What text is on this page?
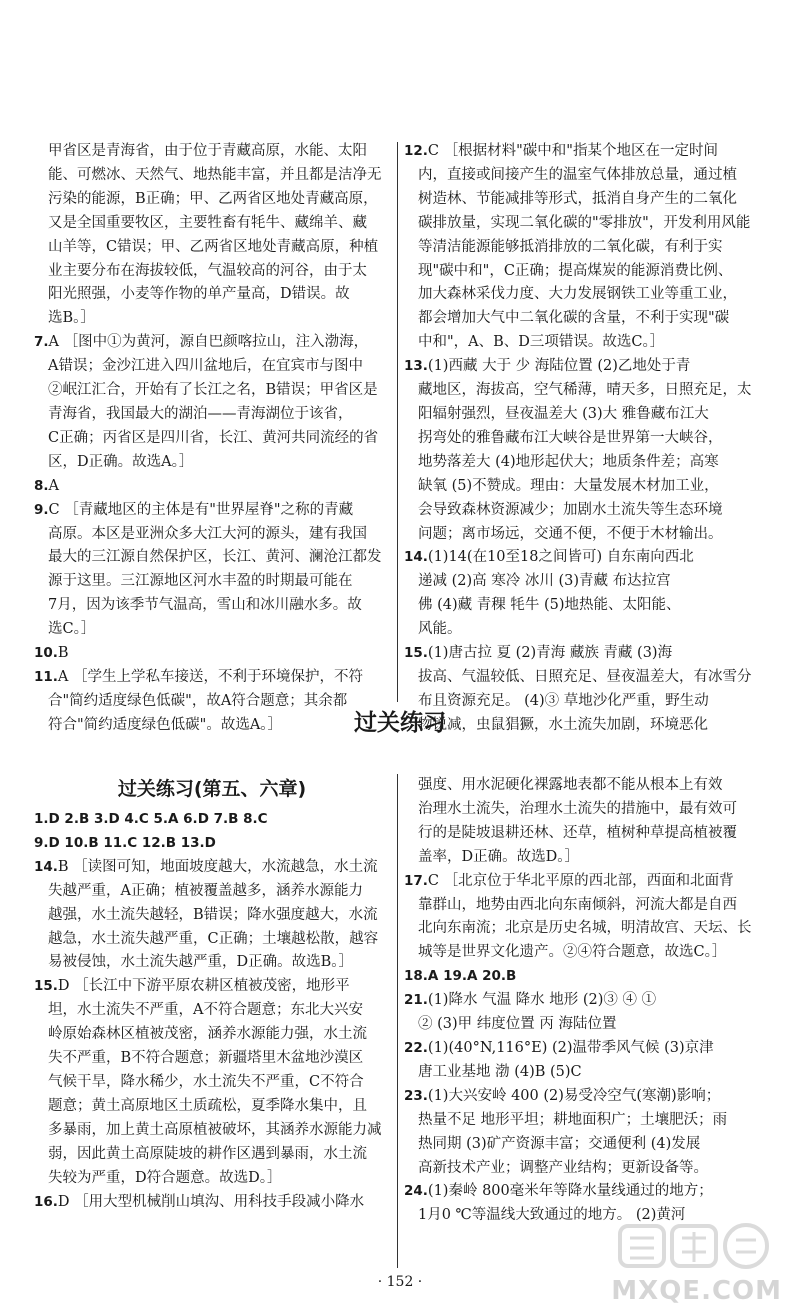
甲省区是青海省，由于位于青藏高原，水能、太阳
能、可燃冰、天然气、地热能丰富，并且都是洁净无
污染的能源，B正确；甲、乙两省区地处青藏高原，
又是全国重要牧区，主要牲畜有牦牛、藏绵羊、藏
山羊等，C错误；甲、乙两省区地处青藏高原，种植
业主要分布在海拔较低，气温较高的河谷，由于太
阳光照强，小麦等作物的单产量高，D错误。故
选B。］
7.A ［图中①为黄河，源自巴颜喀拉山，注入渤海，
A错误；金沙江进入四川盆地后，在宜宾市与图中
②岷江汇合，开始有了长江之名，B错误；甲省区是
青海省，我国最大的湖泊——青海湖位于该省，
C正确；丙省区是四川省，长江、黄河共同流经的省
区，D正确。故选A。］
8.A
9.C ［青藏地区的主体是有"世界屋脊"之称的青藏
高原。本区是亚洲众多大江大河的源头，建有我国
最大的三江源自然保护区，长江、黄河、澜沧江都发
源于这里。三江源地区河水丰盈的时期最可能在
7月，因为该季节气温高，雪山和冰川融水多。故
选C。］
10.B
11.A ［学生上学私车接送，不利于环境保护，不符
合"简约适度绿色低碳"，故A符合题意；其余都
符合"简约适度绿色低碳"。故选A。］
12.C ［根据材料"碳中和"指某个地区在一定时间
内，直接或间接产生的温室气体排放总量，通过植
树造林、节能减排等形式，抵消自身产生的二氧化
碳排放量，实现二氧化碳的"零排放"，开发利用风能
等清洁能源能够抵消排放的二氧化碳，有利于实
现"碳中和"，C正确；提高煤炭的能源消费比例、
加大森林采伐力度、大力发展钢铁工业等重工业，
都会增加大气中二氧化碳的含量，不利于实现"碳
中和"，A、B、D三项错误。故选C。］
13.(1)西藏 大于 少 海陆位置 (2)乙地处于青
藏地区，海拔高，空气稀薄，晴天多，日照充足，太
阳辐射强烈，昼夜温差大 (3)大 雅鲁藏布江大
拐弯处的雅鲁藏布江大峡谷是世界第一大峡谷，
地势落差大 (4)地形起伏大；地质条件差；高寒
缺氧 (5)不赞成。理由：大量发展木材加工业，
会导致森林资源减少；加剧水土流失等生态环境
问题；离市场远，交通不便，不便于木材输出。
14.(1)14(在10至18之间皆可) 自东南向西北
递减 (2)高 寒冷 冰川 (3)青藏 布达拉宫
佛 (4)藏 青稞 牦牛 (5)地热能、太阳能、
风能。
15.(1)唐古拉 夏 (2)青海 藏族 青藏 (3)海
拔高、气温较低、日照充足、昼夜温差大，有冰雪分
布且资源充足。 (4)③ 草地沙化严重，野生动
物锐减，虫鼠猖獗，水土流失加剧，环境恶化
过关练习
过关练习(第五、六章)
1.D 2.B 3.D 4.C 5.A 6.D 7.B 8.C
9.D 10.B 11.C 12.B 13.D
14.B ［读图可知，地面坡度越大，水流越急，水土流
失越严重，A正确；植被覆盖越多，涵养水源能力
越强，水土流失越轻，B错误；降水强度越大，水流
越急，水土流失越严重，C正确；土壤越松散，越容
易被侵蚀，水土流失越严重，D正确。故选B。］
15.D ［长江中下游平原农耕区植被茂密，地形平
坦，水土流失不严重，A不符合题意；东北大兴安
岭原始森林区植被茂密，涵养水源能力强，水土流
失不严重，B不符合题意；新疆塔里木盆地沙漠区
气候干旱，降水稀少，水土流失不严重，C不符合
题意；黄土高原地区土质疏松，夏季降水集中，且
多暴雨，加上黄土高原植被破坏，其涵养水源能力减
弱，因此黄土高原陡坡的耕作区遇到暴雨，水土流
失较为严重，D符合题意。故选D。］
16.D ［用大型机械削山填沟、用科技手段减小降水
强度、用水泥硬化裸露地表都不能从根本上有效
治理水土流失，治理水土流失的措施中，最有效可
行的是陡坡退耕还林、还草，植树种草提高植被覆
盖率，D正确。故选D。］
17.C ［北京位于华北平原的西北部，西面和北面背
靠群山，地势由西北向东南倾斜，河流大都是自西
北向东南流；北京是历史名城，明清故宫、天坛、长
城等是世界文化遗产。②④符合题意，故选C。］
18.A 19.A 20.B
21.(1)降水 气温 降水 地形 (2)③ ④ ①
② (3)甲 纬度位置 丙 海陆位置
22.(1)(40°N,116°E) (2)温带季风气候 (3)京津
唐工业基地 渤 (4)B (5)C
23.(1)大兴安岭 400 (2)易受冷空气(寒潮)影响；
热量不足 地形平坦；耕地面积广；土壤肥沃；雨
热同期 (3)矿产资源丰富；交通便利 (4)发展
高新技术产业；调整产业结构；更新设备等。
24.(1)秦岭 800毫米年等降水量线通过的地方；
1月0 ℃等温线大致通过的地方。 (2)黄河
· 152 ·	MXQE.COM
